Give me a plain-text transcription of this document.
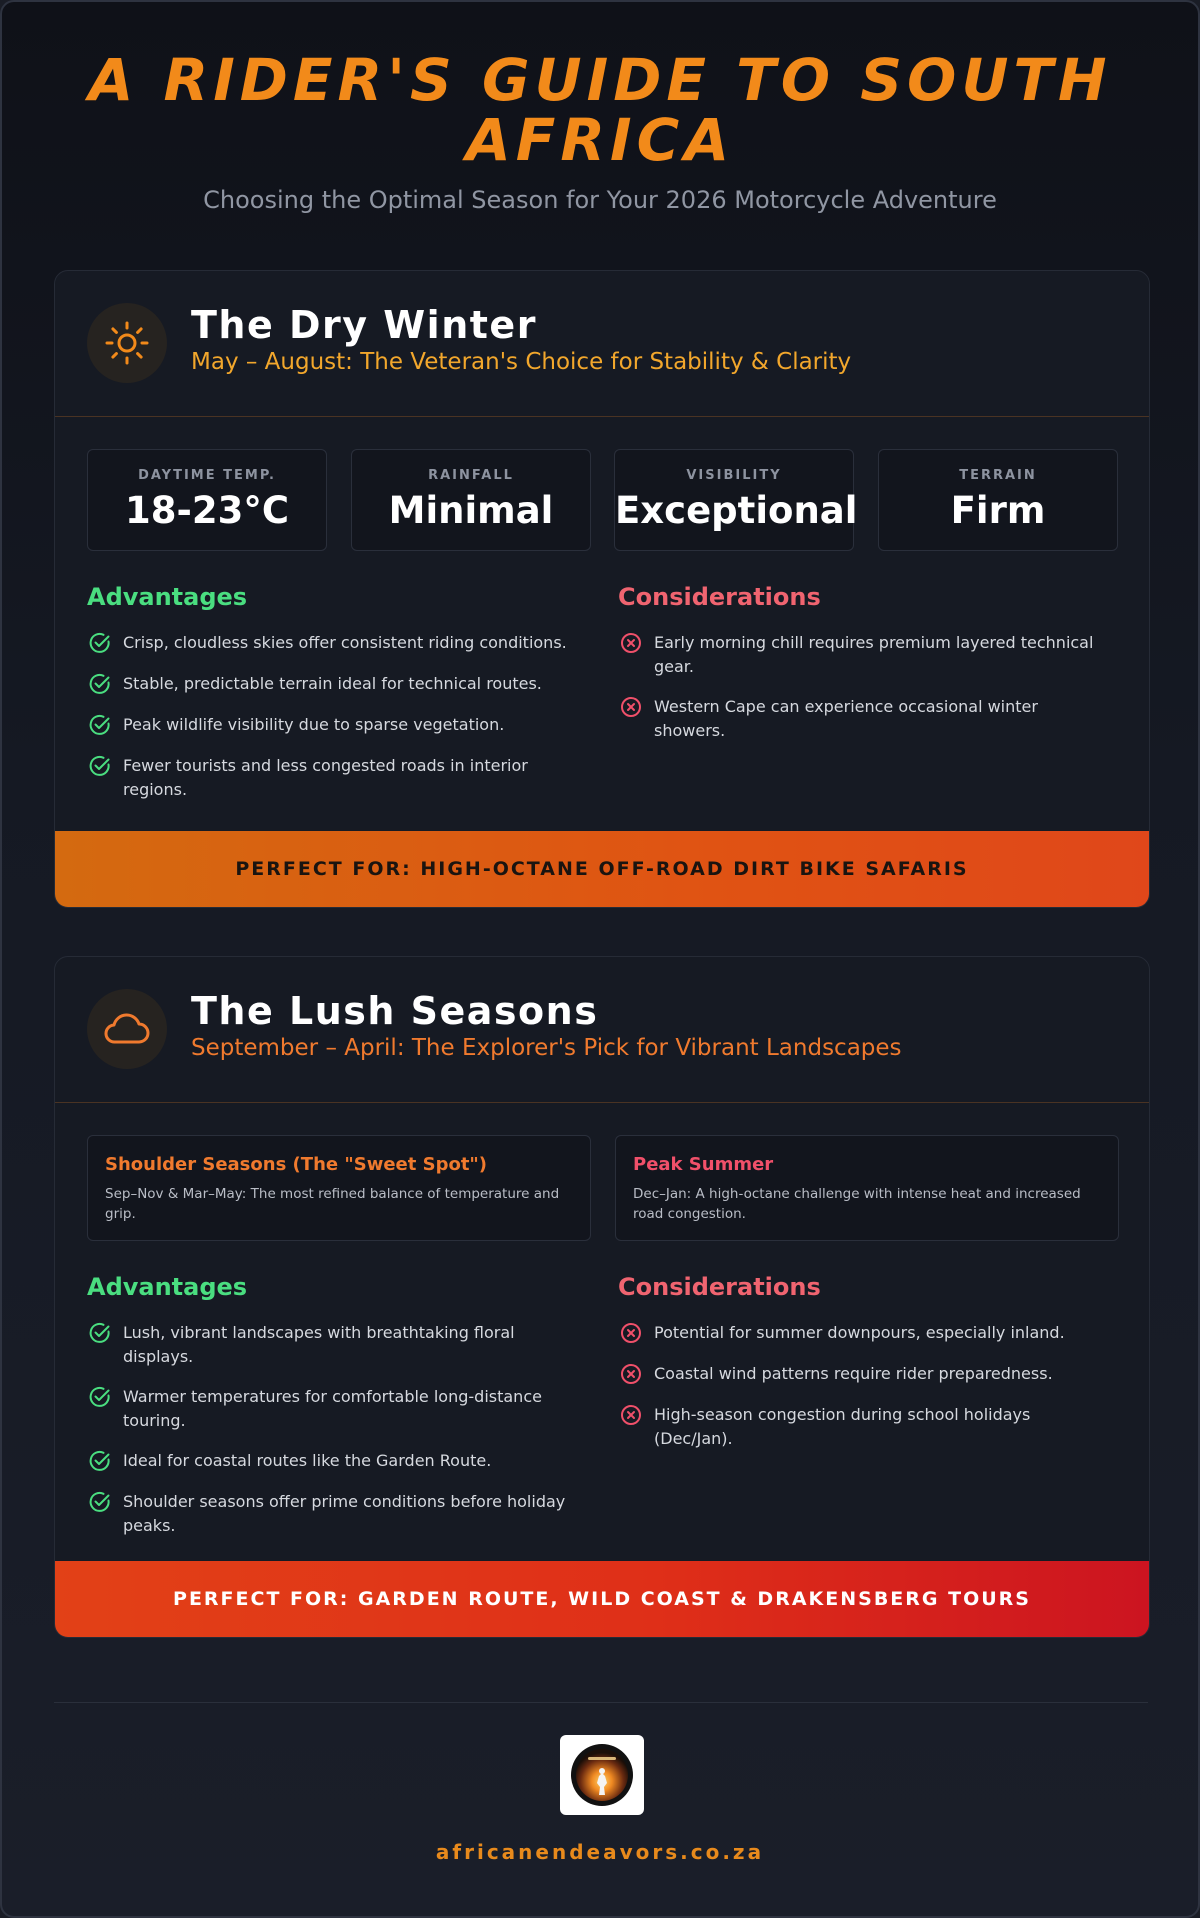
A RIDER'S GUIDE TO SOUTH AFRICA
Choosing the Optimal Season for Your 2026 Motorcycle Adventure
The Dry Winter
May – August: The Veteran's Choice for Stability & Clarity
DAYTIME TEMP.
18-23°C
RAINFALL
Minimal
VISIBILITY
Exceptional
TERRAIN
Firm
Advantages
Crisp, cloudless skies offer consistent riding conditions.
Stable, predictable terrain ideal for technical routes.
Peak wildlife visibility due to sparse vegetation.
Fewer tourists and less congested roads in interior regions.
Considerations
Early morning chill requires premium layered technical gear.
Western Cape can experience occasional winter showers.
PERFECT FOR: HIGH-OCTANE OFF-ROAD DIRT BIKE SAFARIS
The Lush Seasons
September – April: The Explorer's Pick for Vibrant Landscapes
Shoulder Seasons (The "Sweet Spot")
Sep–Nov & Mar–May: The most refined balance of temperature and grip.
Peak Summer
Dec–Jan: A high-octane challenge with intense heat and increased road congestion.
Advantages
Lush, vibrant landscapes with breathtaking floral displays.
Warmer temperatures for comfortable long-distance touring.
Ideal for coastal routes like the Garden Route.
Shoulder seasons offer prime conditions before holiday peaks.
Considerations
Potential for summer downpours, especially inland.
Coastal wind patterns require rider preparedness.
High-season congestion during school holidays (Dec/Jan).
PERFECT FOR: GARDEN ROUTE, WILD COAST & DRAKENSBERG TOURS
africanendeavors.co.za
